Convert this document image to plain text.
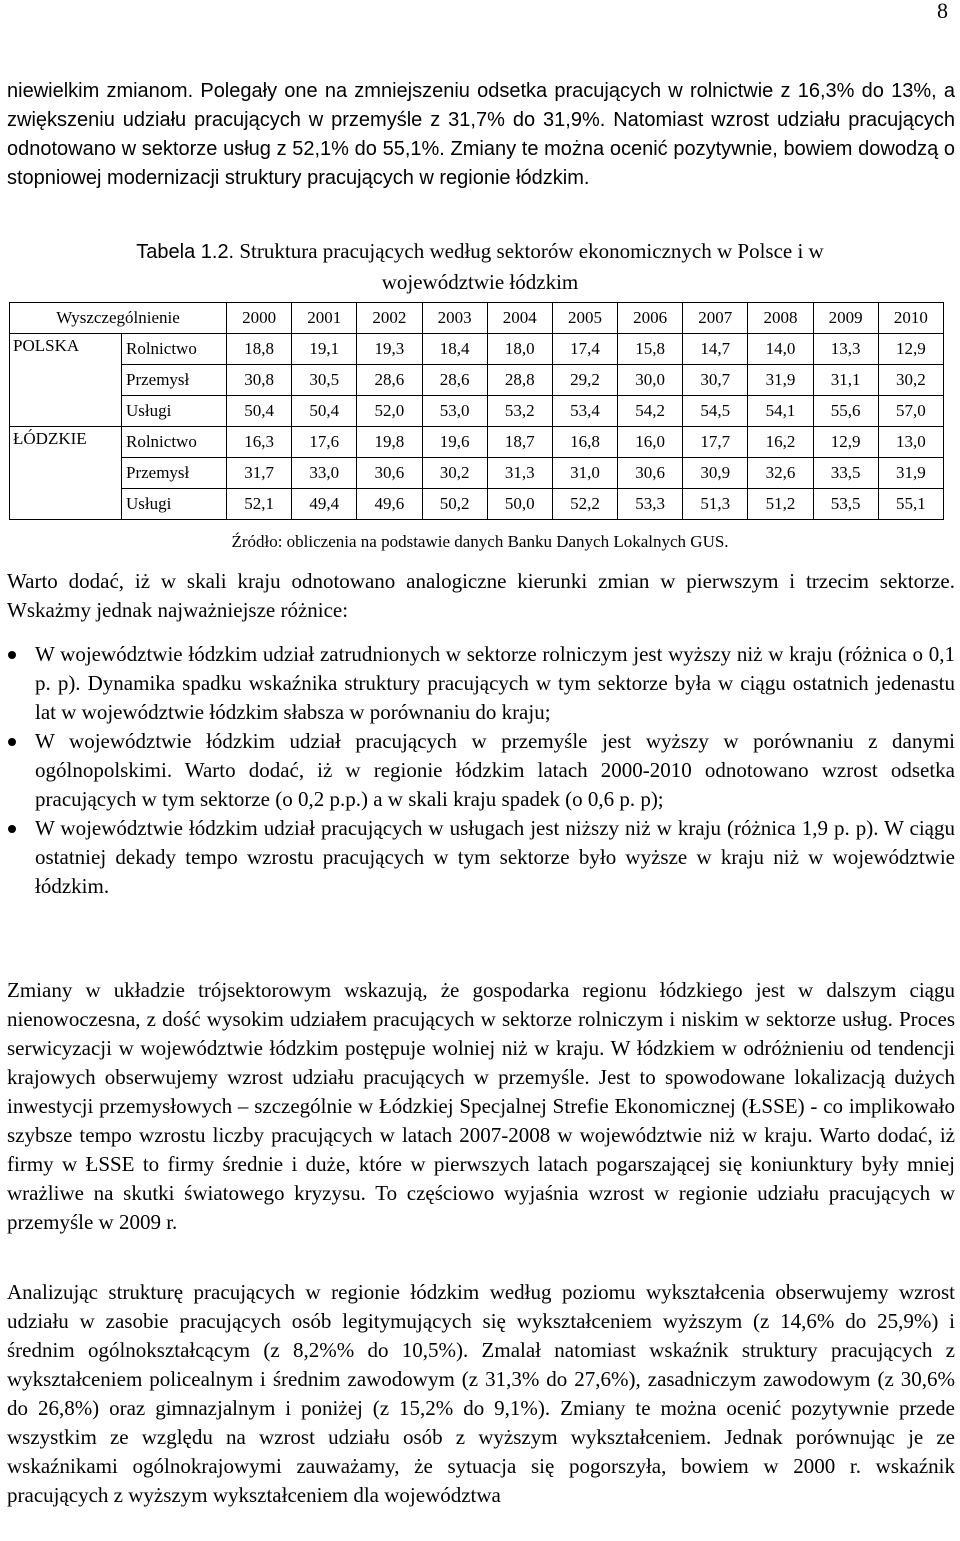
8

niewielkim zmianom. Polegały one na zmniejszeniu odsetka pracujących w rolnictwie z 16,3% do 13%, a zwiększeniu udziału pracujących w przemyśle z 31,7% do 31,9%. Natomiast wzrost udziału pracujących odnotowano w sektorze usług z 52,1% do 55,1%. Zmiany te można ocenić pozytywnie, bowiem dowodzą o stopniowej modernizacji struktury pracujących w regionie łódzkim.

Tabela 1.2. Struktura pracujących według sektorów ekonomicznych w Polsce i w
województwie łódzkim
Wyszczególnienie		2000	2001	2002	2003	2004	2005	2006	2007	2008	2009	2010
POLSKA	Rolnictwo	18,8	19,1	19,3	18,4	18,0	17,4	15,8	14,7	14,0	13,3	12,9
	Przemysł	30,8	30,5	28,6	28,6	28,8	29,2	30,0	30,7	31,9	31,1	30,2
	Usługi	50,4	50,4	52,0	53,0	53,2	53,4	54,2	54,5	54,1	55,6	57,0
ŁÓDZKIE	Rolnictwo	16,3	17,6	19,8	19,6	18,7	16,8	16,0	17,7	16,2	12,9	13,0
	Przemysł	31,7	33,0	30,6	30,2	31,3	31,0	30,6	30,9	32,6	33,5	31,9
	Usługi	52,1	49,4	49,6	50,2	50,0	52,2	53,3	51,3	51,2	53,5	55,1
Źródło: obliczenia na podstawie danych Banku Danych Lokalnych GUS.

Warto dodać, iż w skali kraju odnotowano analogiczne kierunki zmian w pierwszym i trzecim sektorze. Wskażmy jednak najważniejsze różnice:

W województwie łódzkim udział zatrudnionych w sektorze rolniczym jest wyższy niż w kraju (różnica o 0,1 p. p). Dynamika spadku wskaźnika struktury pracujących w tym sektorze była w ciągu ostatnich jedenastu lat w województwie łódzkim słabsza w porównaniu do kraju;
W województwie łódzkim udział pracujących w przemyśle jest wyższy w porównaniu z danymi ogólnopolskimi. Warto dodać, iż w regionie łódzkim latach 2000-2010 odnotowano wzrost odsetka pracujących w tym sektorze (o 0,2 p.p.) a w skali kraju spadek (o 0,6 p. p);
W województwie łódzkim udział pracujących w usługach jest niższy niż w kraju (różnica 1,9 p. p). W ciągu ostatniej dekady tempo wzrostu pracujących w tym sektorze było wyższe w kraju niż w województwie łódzkim.

Zmiany w układzie trójsektorowym wskazują, że gospodarka regionu łódzkiego jest w dalszym ciągu nienowoczesna, z dość wysokim udziałem pracujących w sektorze rolniczym i niskim w sektorze usług. Proces serwicyzacji w województwie łódzkim postępuje wolniej niż w kraju. W łódzkiem w odróżnieniu od tendencji krajowych obserwujemy wzrost udziału pracujących w przemyśle. Jest to spowodowane lokalizacją dużych inwestycji przemysłowych – szczególnie w Łódzkiej Specjalnej Strefie Ekonomicznej (ŁSSE) - co implikowało szybsze tempo wzrostu liczby pracujących w latach 2007-2008 w województwie niż w kraju. Warto dodać, iż firmy w ŁSSE to firmy średnie i duże, które w pierwszych latach pogarszającej się koniunktury były mniej wrażliwe na skutki światowego kryzysu. To częściowo wyjaśnia wzrost w regionie udziału pracujących w przemyśle w 2009 r.

Analizując strukturę pracujących w regionie łódzkim według poziomu wykształcenia obserwujemy wzrost udziału w zasobie pracujących osób legitymujących się wykształceniem wyższym (z 14,6% do 25,9%) i średnim ogólnokształcącym (z 8,2%% do 10,5%). Zmalał natomiast wskaźnik struktury pracujących z wykształceniem policealnym i średnim zawodowym (z 31,3% do 27,6%), zasadniczym zawodowym (z 30,6% do 26,8%) oraz gimnazjalnym i poniżej (z 15,2% do 9,1%). Zmiany te można ocenić pozytywnie przede wszystkim ze względu na wzrost udziału osób z wyższym wykształceniem. Jednak porównując je ze wskaźnikami ogólnokrajowymi zauważamy, że sytuacja się pogorszyła, bowiem w 2000 r. wskaźnik pracujących z wyższym wykształceniem dla województwa
